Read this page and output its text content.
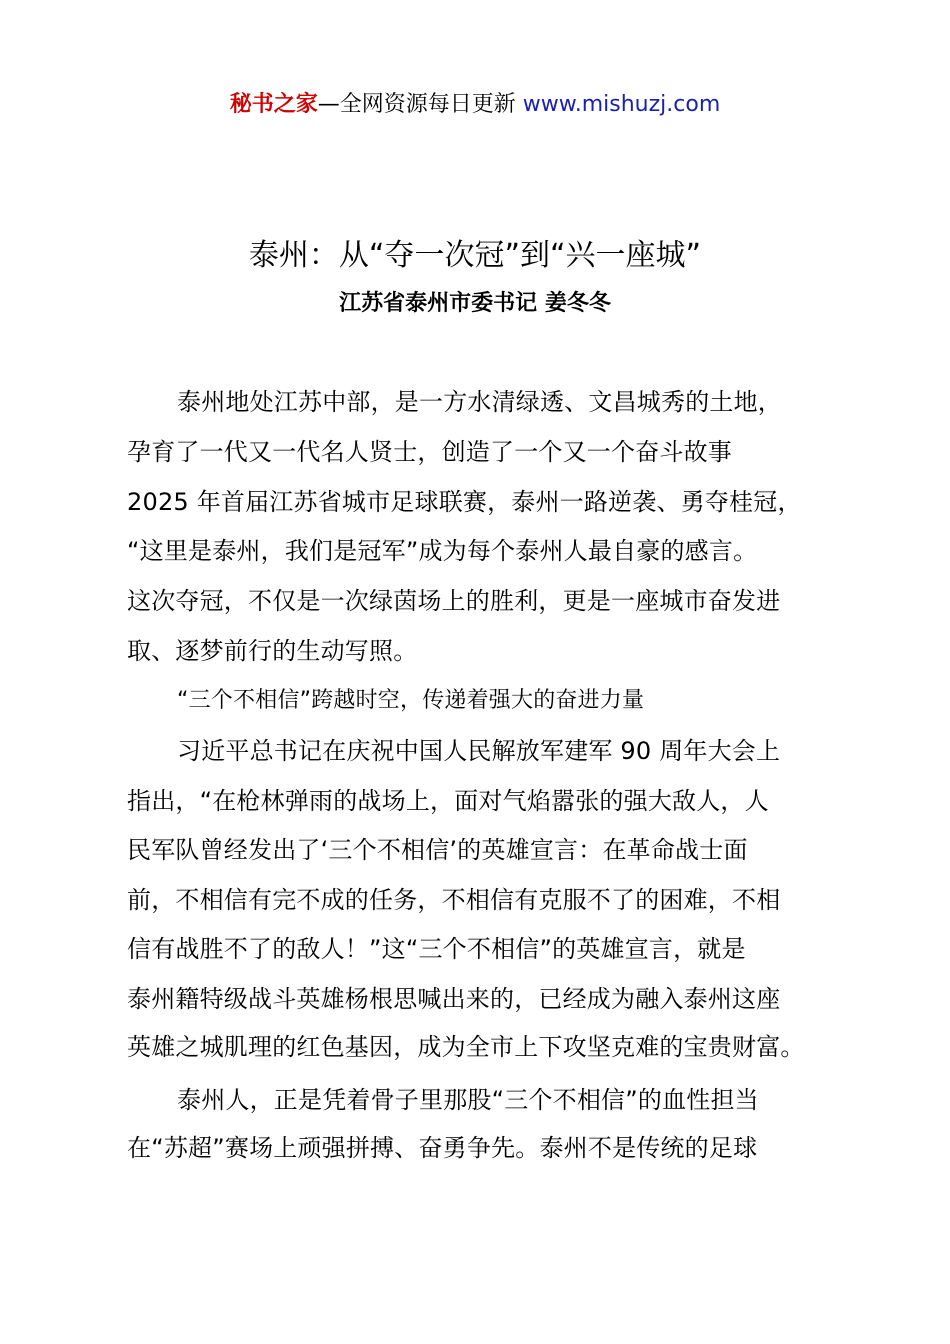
秘书之家—全网资源每日更新 www.mishuzj.com
泰州：从“夺一次冠”到“兴一座城”
江苏省泰州市委书记 姜冬冬
泰州地处江苏中部，是一方水清绿透、文昌城秀的土地，
孕育了一代又一代名人贤士，创造了一个又一个奋斗故事
2025 年首届江苏省城市足球联赛，泰州一路逆袭、勇夺桂冠，
“这里是泰州，我们是冠军”成为每个泰州人最自豪的感言。
这次夺冠，不仅是一次绿茵场上的胜利，更是一座城市奋发进
取、逐梦前行的生动写照。
“三个不相信”跨越时空，传递着强大的奋进力量
习近平总书记在庆祝中国人民解放军建军 90 周年大会上
指出，“在枪林弹雨的战场上，面对气焰嚣张的强大敌人，人
民军队曾经发出了‘三个不相信’的英雄宣言：在革命战士面
前，不相信有完不成的任务，不相信有克服不了的困难，不相
信有战胜不了的敌人！”这“三个不相信”的英雄宣言，就是
泰州籍特级战斗英雄杨根思喊出来的，已经成为融入泰州这座
英雄之城肌理的红色基因，成为全市上下攻坚克难的宝贵财富。
泰州人，正是凭着骨子里那股“三个不相信”的血性担当
在“苏超”赛场上顽强拼搏、奋勇争先。泰州不是传统的足球
